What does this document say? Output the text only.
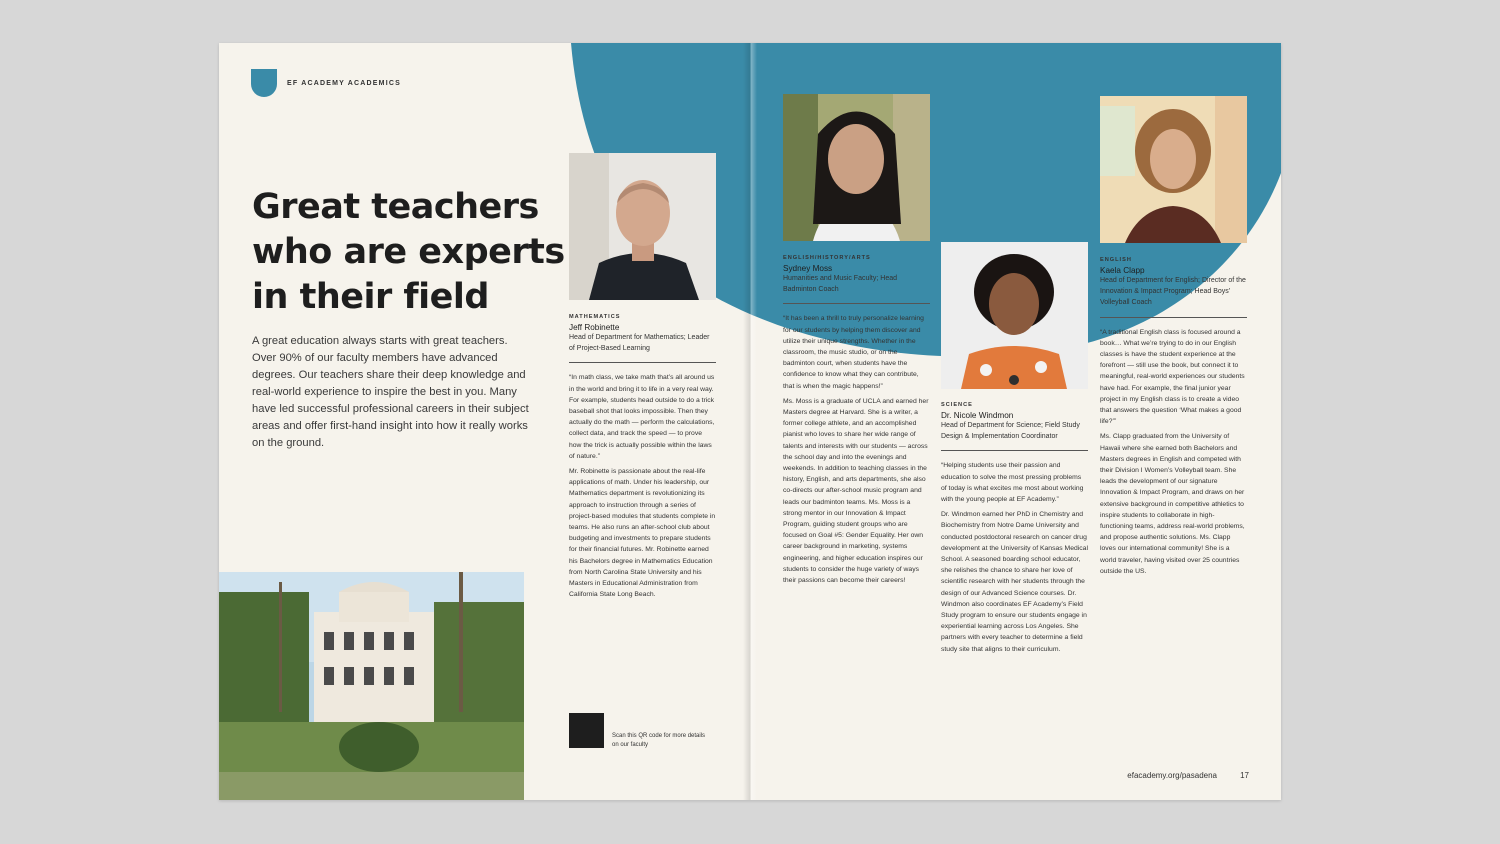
EF ACADEMY ACADEMICS
Great teachers
who are experts
in their field

A great education always starts with great teachers. Over 90% of our faculty members have advanced degrees. Our teachers share their deep knowledge and real-world experience to inspire the best in you. Many have led successful professional careers in their subject areas and offer first-hand insight into how it really works on the ground.

MATHEMATICS
Jeff Robinette
Head of Department for Mathematics; Leader of Project-Based Learning
“In math class, we take math that’s all around us in the world and bring it to life in a very real way. For example, students head outside to do a trick baseball shot that looks impossible. Then they actually do the math — perform the calculations, collect data, and track the speed — to prove how the trick is actually possible within the laws of nature.”
Mr. Robinette is passionate about the real-life applications of math. Under his leadership, our Mathematics department is revolutionizing its approach to instruction through a series of project-based modules that students complete in teams. He also runs an after-school club about budgeting and investments to prepare students for their financial futures. Mr. Robinette earned his Bachelors degree in Mathematics Education from North Carolina State University and his Masters in Educational Administration from California State Long Beach.
Scan this QR code for more details on our faculty
ENGLISH/HISTORY/ARTS
Sydney Moss
Humanities and Music Faculty; Head Badminton Coach
“It has been a thrill to truly personalize learning for our students by helping them discover and utilize their unique strengths. Whether in the classroom, the music studio, or on the badminton court, when students have the confidence to know what they can contribute, that is when the magic happens!”
Ms. Moss is a graduate of UCLA and earned her Masters degree at Harvard. She is a writer, a former college athlete, and an accomplished pianist who loves to share her wide range of talents and interests with our students — across the school day and into the evenings and weekends. In addition to teaching classes in the history, English, and arts departments, she also co-directs our after-school music program and leads our badminton teams. Ms. Moss is a strong mentor in our Innovation & Impact Program, guiding student groups who are focused on Goal #5: Gender Equality. Her own career background in marketing, systems engineering, and higher education inspires our students to consider the huge variety of ways their passions can become their careers!
SCIENCE
Dr. Nicole Windmon
Head of Department for Science; Field Study Design & Implementation Coordinator
“Helping students use their passion and education to solve the most pressing problems of today is what excites me most about working with the young people at EF Academy.”
Dr. Windmon earned her PhD in Chemistry and Biochemistry from Notre Dame University and conducted postdoctoral research on cancer drug development at the University of Kansas Medical School. A seasoned boarding school educator, she relishes the chance to share her love of scientific research with her students through the design of our Advanced Science courses. Dr. Windmon also coordinates EF Academy’s Field Study program to ensure our students engage in experiential learning across Los Angeles. She partners with every teacher to determine a field study site that aligns to their curriculum.
ENGLISH
Kaela Clapp
Head of Department for English; Director of the Innovation & Impact Program; Head Boys’ Volleyball Coach
“A traditional English class is focused around a book… What we’re trying to do in our English classes is have the student experience at the forefront — still use the book, but connect it to meaningful, real-world experiences our students have had. For example, the final junior year project in my English class is to create a video that answers the question ‘What makes a good life?’”
Ms. Clapp graduated from the University of Hawaii where she earned both Bachelors and Masters degrees in English and competed with their Division I Women’s Volleyball team. She leads the development of our signature Innovation & Impact Program, and draws on her extensive background in competitive athletics to inspire students to collaborate in high-functioning teams, address real-world problems, and propose authentic solutions. Ms. Clapp loves our international community! She is a world traveler, having visited over 25 countries outside the US.
efacademy.org/pasadena	17
